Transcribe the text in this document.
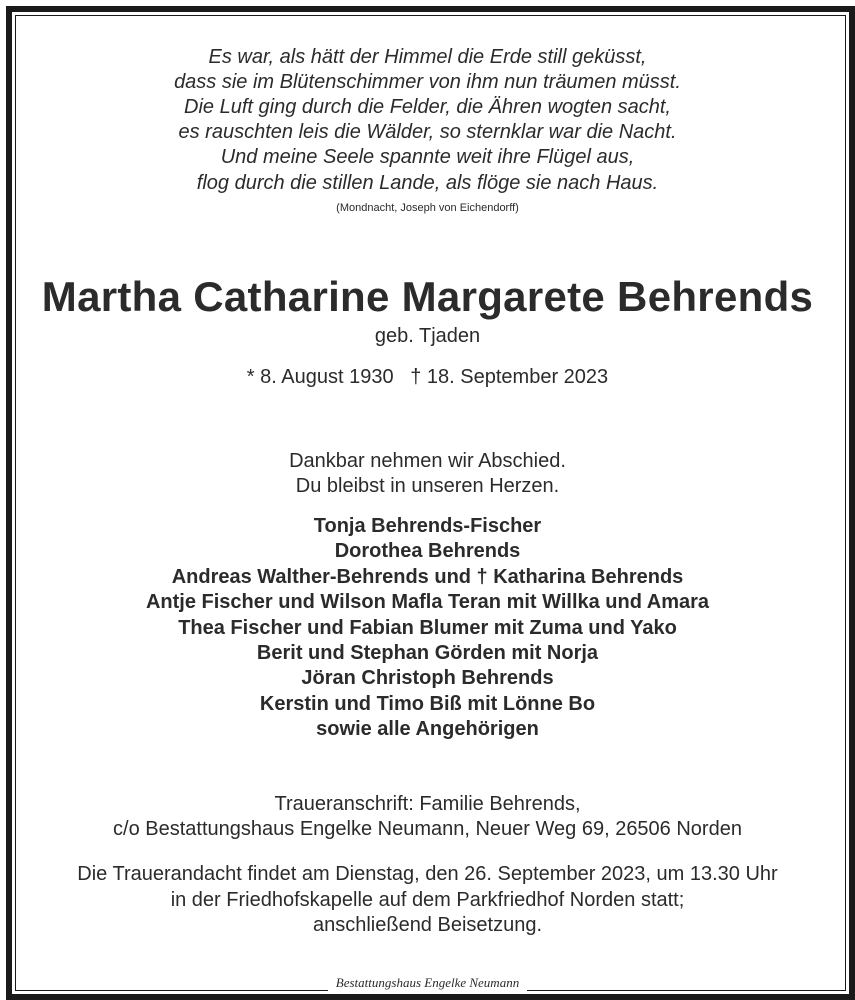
Es war, als hätt der Himmel die Erde still geküsst,
dass sie im Blütenschimmer von ihm nun träumen müsst.
Die Luft ging durch die Felder, die Ähren wogten sacht,
es rauschten leis die Wälder, so sternklar war die Nacht.
Und meine Seele spannte weit ihre Flügel aus,
flog durch die stillen Lande, als flöge sie nach Haus.
(Mondnacht, Joseph von Eichendorff)
Martha Catharine Margarete Behrends
geb. Tjaden
* 8. August 1930   † 18. September 2023
Dankbar nehmen wir Abschied.
Du bleibst in unseren Herzen.
Tonja Behrends-Fischer
Dorothea Behrends
Andreas Walther-Behrends und † Katharina Behrends
Antje Fischer und Wilson Mafla Teran mit Willka und Amara
Thea Fischer und Fabian Blumer mit Zuma und Yako
Berit und Stephan Görden mit Norja
Jöran Christoph Behrends
Kerstin und Timo Biß mit Lönne Bo
sowie alle Angehörigen
Traueranschrift: Familie Behrends,
c/o Bestattungshaus Engelke Neumann, Neuer Weg 69, 26506 Norden
Die Trauerandacht findet am Dienstag, den 26. September 2023, um 13.30 Uhr
in der Friedhofskapelle auf dem Parkfriedhof Norden statt;
anschließend Beisetzung.
Bestattungshaus Engelke Neumann
